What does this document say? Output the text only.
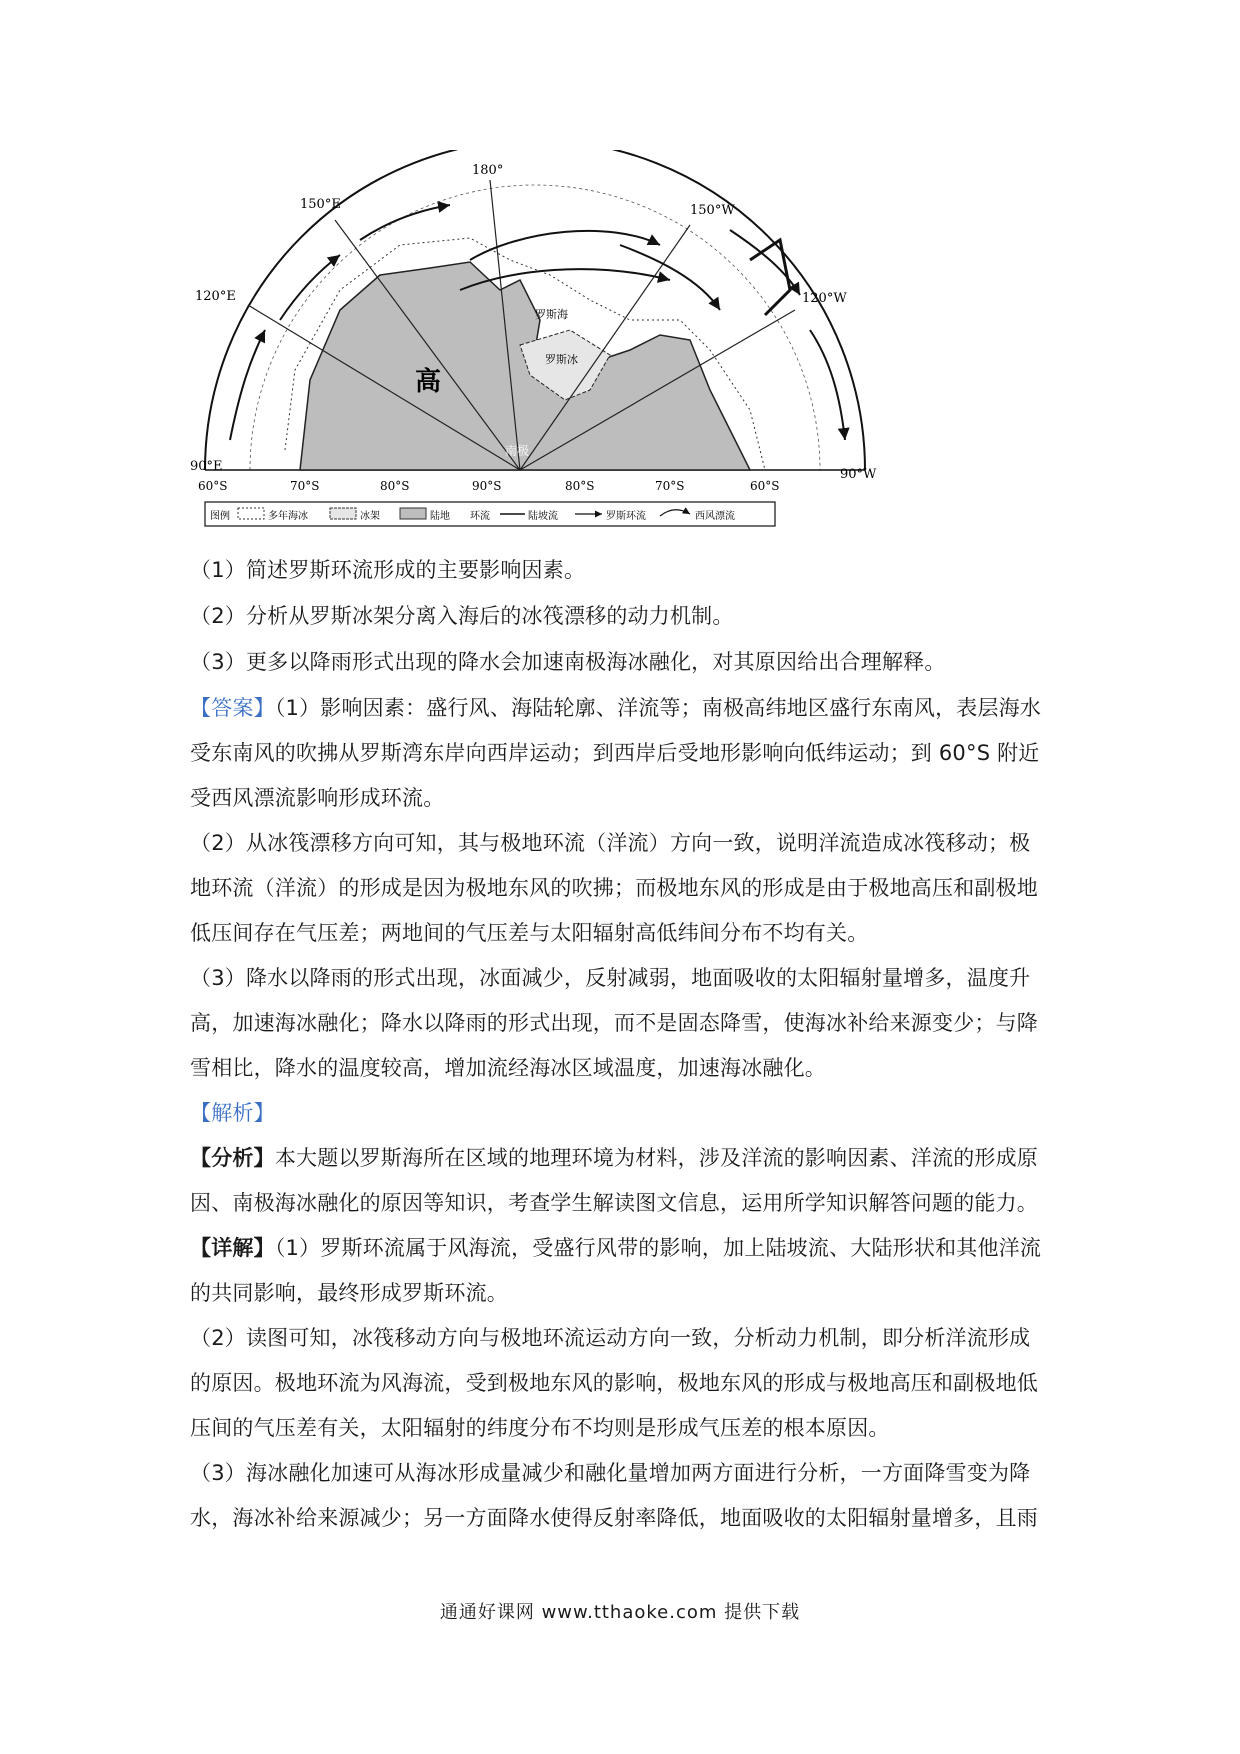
180°
150°E	150°W
120°E	120°W
90°E
90°W
60°S	70°S	80°S	90°S	80°S	70°S	60°S
高
罗斯海
罗斯冰
南极
图例	多年海冰	冰架	陆地 环流	陆坡流	罗斯环流	西风漂流

（1）简述罗斯环流形成的主要影响因素。

（2）分析从罗斯冰架分离入海后的冰筏漂移的动力机制。

（3）更多以降雨形式出现的降水会加速南极海冰融化，对其原因给出合理解释。

【答案】（1）影响因素：盛行风、海陆轮廓、洋流等；南极高纬地区盛行东南风，表层海水受东南风的吹拂从罗斯湾东岸向西岸运动；到西岸后受地形影响向低纬运动；到 60°S 附近受西风漂流影响形成环流。

（2）从冰筏漂移方向可知，其与极地环流（洋流）方向一致，说明洋流造成冰筏移动；极地环流（洋流）的形成是因为极地东风的吹拂；而极地东风的形成是由于极地高压和副极地低压间存在气压差；两地间的气压差与太阳辐射高低纬间分布不均有关。

（3）降水以降雨的形式出现，冰面减少，反射减弱，地面吸收的太阳辐射量增多，温度升高，加速海冰融化；降水以降雨的形式出现，而不是固态降雪，使海冰补给来源变少；与降雪相比，降水的温度较高，增加流经海冰区域温度，加速海冰融化。

【解析】

【分析】本大题以罗斯海所在区域的地理环境为材料，涉及洋流的影响因素、洋流的形成原因、南极海冰融化的原因等知识，考查学生解读图文信息，运用所学知识解答问题的能力。

【详解】（1）罗斯环流属于风海流，受盛行风带的影响，加上陆坡流、大陆形状和其他洋流的共同影响，最终形成罗斯环流。

（2）读图可知，冰筏移动方向与极地环流运动方向一致，分析动力机制，即分析洋流形成的原因。极地环流为风海流，受到极地东风的影响，极地东风的形成与极地高压和副极地低压间的气压差有关，太阳辐射的纬度分布不均则是形成气压差的根本原因。

（3）海冰融化加速可从海冰形成量减少和融化量增加两方面进行分析，一方面降雪变为降水，海冰补给来源减少；另一方面降水使得反射率降低，地面吸收的太阳辐射量增多，且雨

通通好课网 www.tthaoke.com 提供下载
